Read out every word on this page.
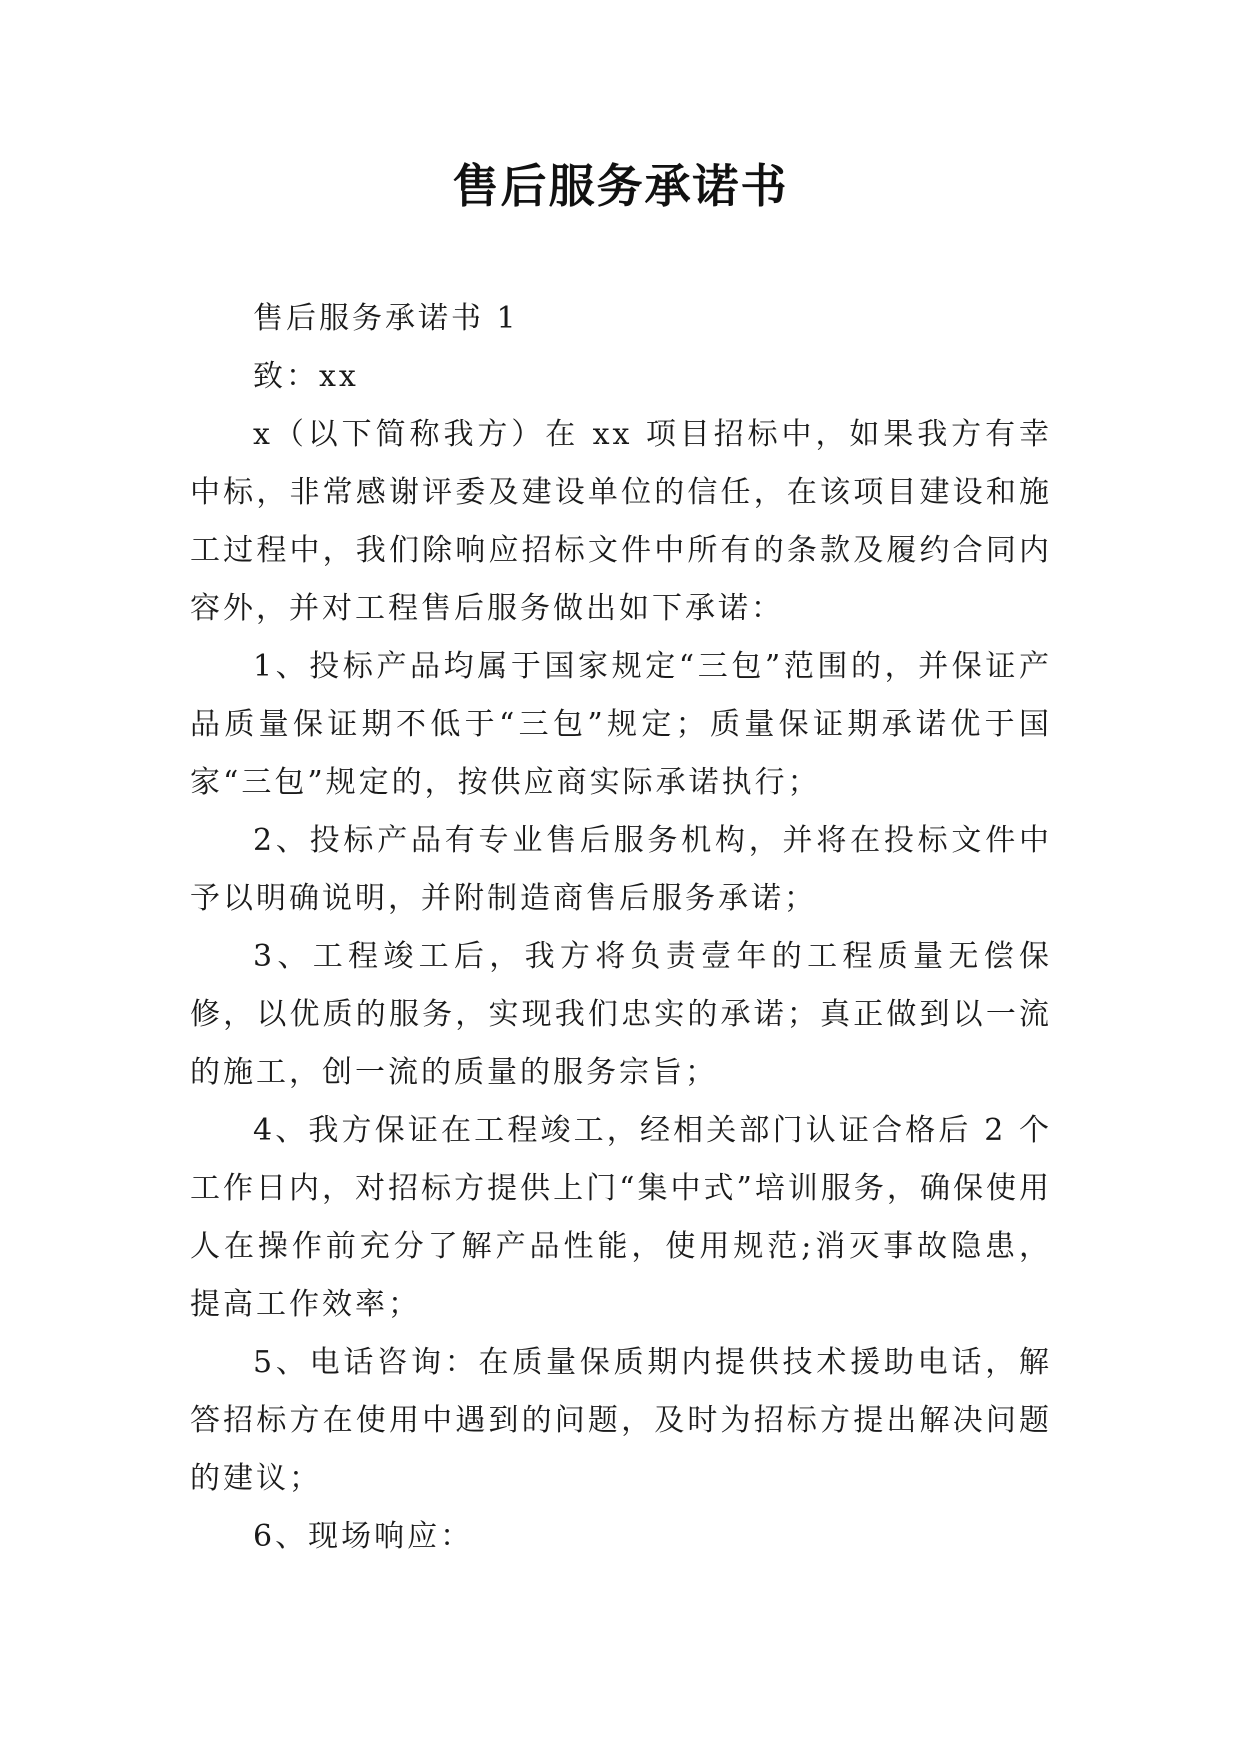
售后服务承诺书

售后服务承诺书 1

致：xx

x（以下简称我方）在 xx 项目招标中，如果我方有幸中标，非常感谢评委及建设单位的信任，在该项目建设和施工过程中，我们除响应招标文件中所有的条款及履约合同内容外，并对工程售后服务做出如下承诺：

1、投标产品均属于国家规定“三包”范围的，并保证产品质量保证期不低于“三包”规定；质量保证期承诺优于国家“三包”规定的，按供应商实际承诺执行；

2、投标产品有专业售后服务机构，并将在投标文件中予以明确说明，并附制造商售后服务承诺；

3、工程竣工后，我方将负责壹年的工程质量无偿保修，以优质的服务，实现我们忠实的承诺；真正做到以一流的施工，创一流的质量的服务宗旨；

4、我方保证在工程竣工，经相关部门认证合格后 2 个工作日内，对招标方提供上门“集中式”培训服务，确保使用人在操作前充分了解产品性能，使用规范;消灭事故隐患，提高工作效率；

5、电话咨询：在质量保质期内提供技术援助电话，解答招标方在使用中遇到的问题，及时为招标方提出解决问题的建议；

6、现场响应：
